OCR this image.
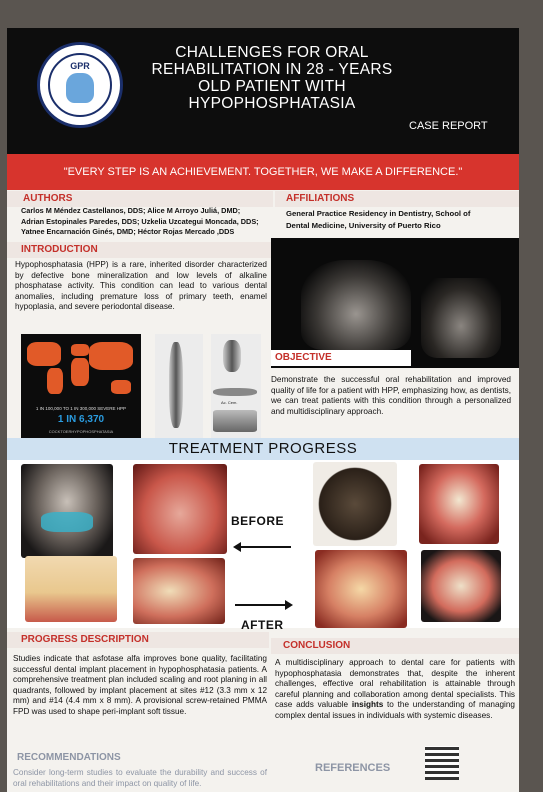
GPR
CHALLENGES FOR ORAL
REHABILITATION IN 28 - YEARS
OLD PATIENT WITH
HYPOPHOSPHATASIA
CASE REPORT
"EVERY STEP IS AN ACHIEVEMENT. TOGETHER, WE MAKE A DIFFERENCE."
AUTHORS
Carlos M Méndez Castellanos, DDS; Alice M Arroyo Juliá, DMD;
Adrian Estopinales Paredes, DDS; Uzkelia Uzcategui Moncada, DDS;
Yatnee Encarnación Ginés, DMD; Héctor Rojas Mercado ,DDS
AFFILIATIONS
General Practice Residency in Dentistry, School of
Dental Medicine, University of Puerto Rico
INTRODUCTION
Hypophosphatasia (HPP) is a rare, inherited disorder characterized by defective bone mineralization and low levels of alkaline phosphatase activity. This condition can lead to various dental anomalies, including premature loss of primary teeth, enamel hypoplasia, and severe periodontal disease.
1 IN 100,000 TO 1 IN 300,000 SEVERE HPP
1 IN 6,370
COCKTOERHYPOPHOSPHATASIA
Ac. Cem.
OBJECTIVE
Demonstrate the successful oral rehabilitation and improved quality of life for a patient with HPP, emphasizing how, as dentists, we can treat patients with this condition through a personalized and multidisciplinary approach.
TREATMENT PROGRESS
BEFORE
AFTER
PROGRESS DESCRIPTION
Studies indicate that asfotase alfa improves bone quality, facilitating successful dental implant placement in hypophosphatasia patients. A comprehensive treatment plan included scaling and root planing in all quadrants, followed by implant placement at sites #12 (3.3 mm x 12 mm) and #14 (4.4 mm x 8 mm). A provisional screw-retained PMMA FPD was used to shape peri-implant soft tissue.
CONCLUSION
A multidisciplinary approach to dental care for patients with hypophosphatasia demonstrates that, despite the inherent challenges, effective oral rehabilitation is attainable through careful planning and collaboration among dental specialists. This case adds valuable insights to the understanding of managing complex dental issues in individuals with systemic diseases.
RECOMMENDATIONS
Consider long-term studies to evaluate the durability and success of oral rehabilitations and their impact on quality of life.
REFERENCES
